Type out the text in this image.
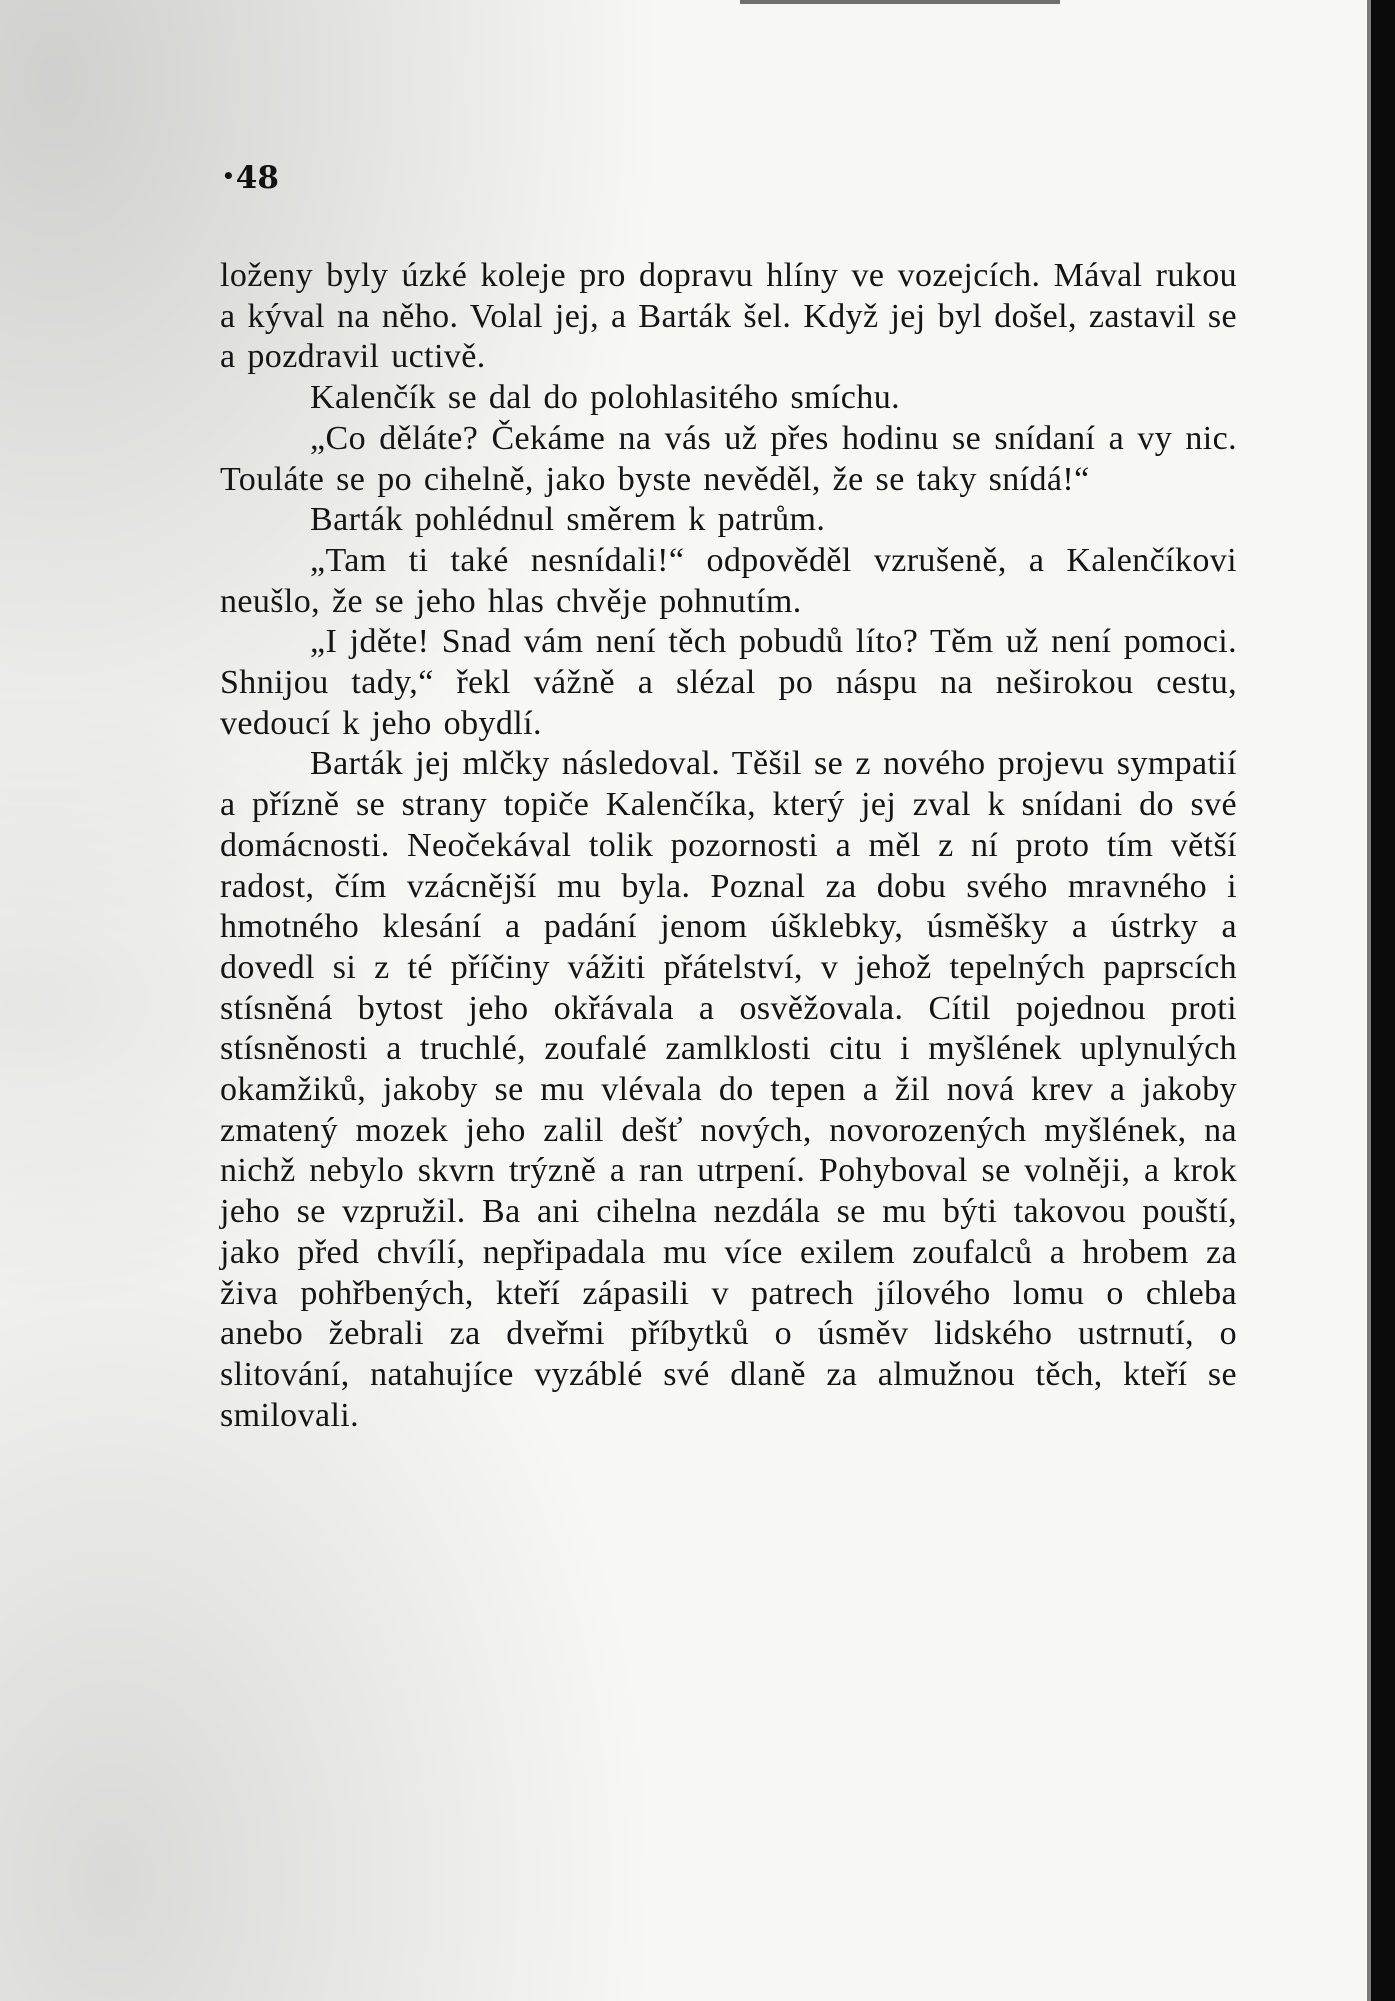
•48

loženy byly úzké koleje pro dopravu hlíny ve vozejcích. Mával rukou a kýval na něho. Volal jej, a Barták šel. Když jej byl došel, zastavil se a pozdravil uctivě.

Kalenčík se dal do polohlasitého smíchu.

„Co děláte? Čekáme na vás už přes hodinu se snídaní a vy nic. Touláte se po cihelně, jako byste nevěděl, že se taky snídá!“

Barták pohlédnul směrem k patrům.

„Tam ti také nesnídali!“ odpověděl vzrušeně, a Kalenčíkovi neušlo, že se jeho hlas chvěje pohnutím.

„I jděte! Snad vám není těch pobudů líto? Těm už není pomoci. Shnijou tady,“ řekl vážně a slézal po náspu na neširokou cestu, vedoucí k jeho obydlí.

Barták jej mlčky následoval. Těšil se z nového projevu sympatií a přízně se strany topiče Kalenčíka, který jej zval k snídani do své domácnosti. Neočekával tolik pozornosti a měl z ní proto tím větší radost, čím vzácnější mu byla. Poznal za dobu svého mravného i hmotného klesání a padání jenom úšklebky, úsměšky a ústrky a dovedl si z té příčiny vážiti přátelství, v jehož tepelných paprscích stísněná bytost jeho okřávala a osvěžovala. Cítil pojednou proti stísněnosti a truchlé, zoufalé zamlklosti citu i myšlének uplynulých okamžiků, jakoby se mu vlévala do tepen a žil nová krev a jakoby zmatený mozek jeho zalil dešť nových, novorozených myšlének, na nichž nebylo skvrn trýzně a ran utrpení. Pohyboval se volněji, a krok jeho se vzpružil. Ba ani cihelna nezdála se mu býti takovou pouští, jako před chvílí, nepřipadala mu více exilem zoufalců a hrobem za živa pohřbených, kteří zápasili v patrech jílového lomu o chleba anebo žebrali za dveřmi příbytků o úsměv lidského ustrnutí, o slitování, natahujíce vyzáblé své dlaně za almužnou těch, kteří se smilovali.
